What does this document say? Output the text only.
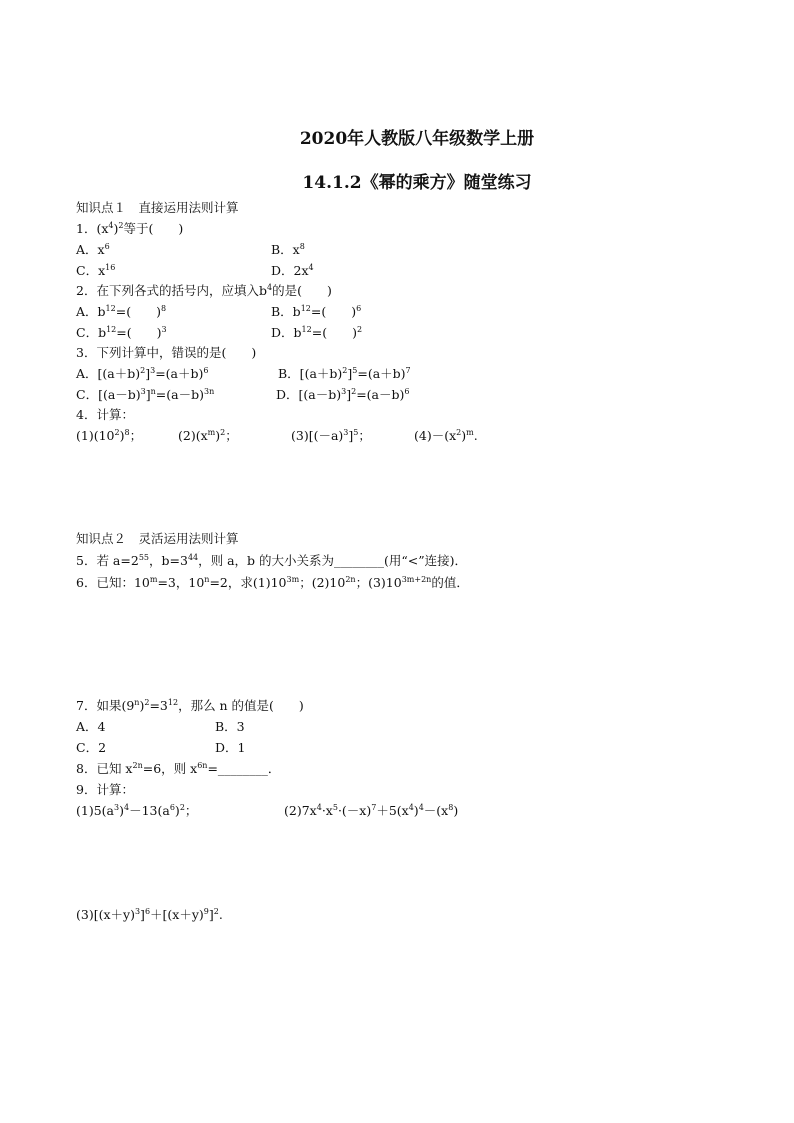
2020年人教版八年级数学上册
14.1.2《幂的乘方》随堂练习
知识点１　直接运用法则计算
1．$(x^4)^2$等于(　　)
A．$x^6$	B．$x^8$
C．$x^{16}$	D．$2x^4$
2．在下列各式的括号内，应填入$b^4$的是(　　)
A．$b^{12}=$(　　)$^8$	B．$b^{12}=$(　　)$^6$
C．$b^{12}=$(　　)$^3$	D．$b^{12}=$(　　)$^2$
3．下列计算中，错误的是(　　)
A．$[(a+b)^2]^3=(a+b)^6$	B．$[(a+b)^2]^5=(a+b)^7$
C．$[(a-b)^3]^n=(a-b)^{3n}$	D．$[(a-b)^3]^2=(a-b)^6$
4．计算：
$(1)(10^2)^8$；	$(2)(x^m)^2$；	$(3)[(-a)^3]^5$；	$(4)-(x^2)^m$.
知识点２　灵活运用法则计算
5．若 $a=2^{55}$，$b=3^{44}$，则 a，b 的大小关系为________(用“<”连接)．
6．已知：$10^m=3$，$10^n=2$，求$(1)10^{3m}$；$(2)10^{2n}$；$(3)10^{3m+2n}$的值．
7．如果$(9^n)^2=3^{12}$，那么 n 的值是(　　)
A．4	B．3
C．2	D．1
8．已知 $x^{2n}=6$，则 $x^{6n}=\_\_\_\_\_\_\_\_$．
9．计算：
$(1)5(a^3)^4-13(a^6)^2$；	$(2)7x^4\cdot x^5\cdot(-x)^7+5(x^4)^4-(x^8)$
$(3)[(x+y)^3]^6+[(x+y)^9]^2$.
